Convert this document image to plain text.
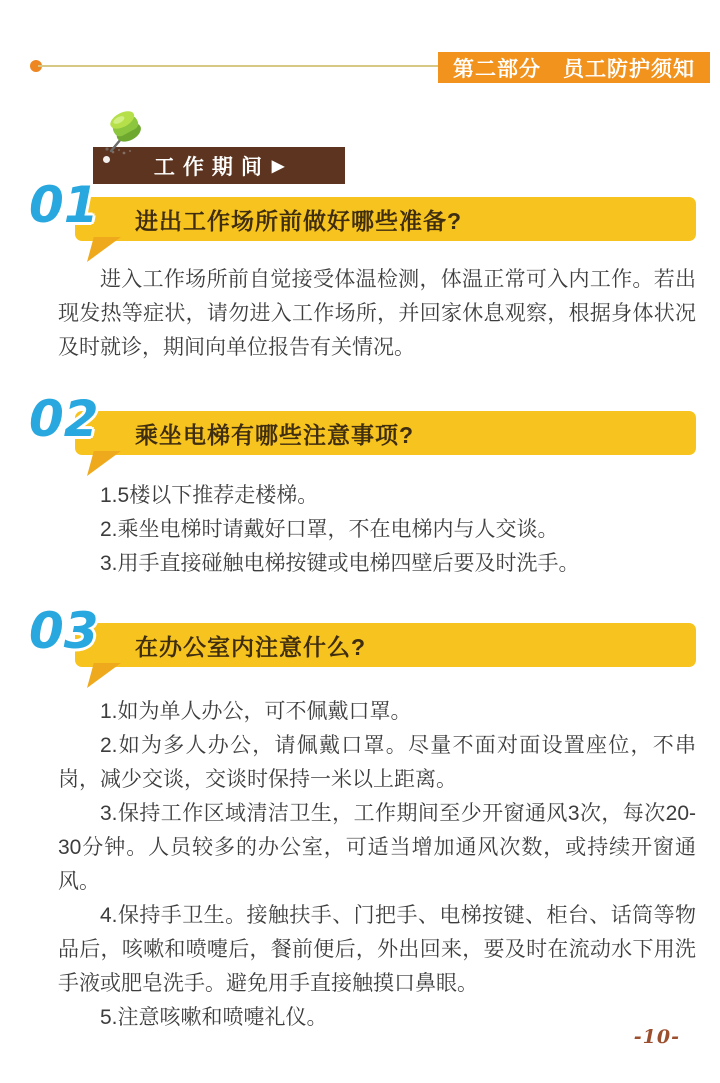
第二部分　员工防护须知
工作期间 ▶
01 进出工作场所前做好哪些准备?

进入工作场所前自觉接受体温检测，体温正常可入内工作。若出现发热等症状，请勿进入工作场所，并回家休息观察，根据身体状况及时就诊，期间向单位报告有关情况。

02 乘坐电梯有哪些注意事项?

1.5楼以下推荐走楼梯。

2.乘坐电梯时请戴好口罩，不在电梯内与人交谈。

3.用手直接碰触电梯按键或电梯四壁后要及时洗手。

03 在办公室内注意什么?

1.如为单人办公，可不佩戴口罩。

2.如为多人办公，请佩戴口罩。尽量不面对面设置座位，不串岗，减少交谈，交谈时保持一米以上距离。

3.保持工作区域清洁卫生，工作期间至少开窗通风3次，每次20-30分钟。人员较多的办公室，可适当增加通风次数，或持续开窗通风。

4.保持手卫生。接触扶手、门把手、电梯按键、柜台、话筒等物品后，咳嗽和喷嚏后，餐前便后，外出回来，要及时在流动水下用洗手液或肥皂洗手。避免用手直接触摸口鼻眼。

5.注意咳嗽和喷嚏礼仪。

-10-
